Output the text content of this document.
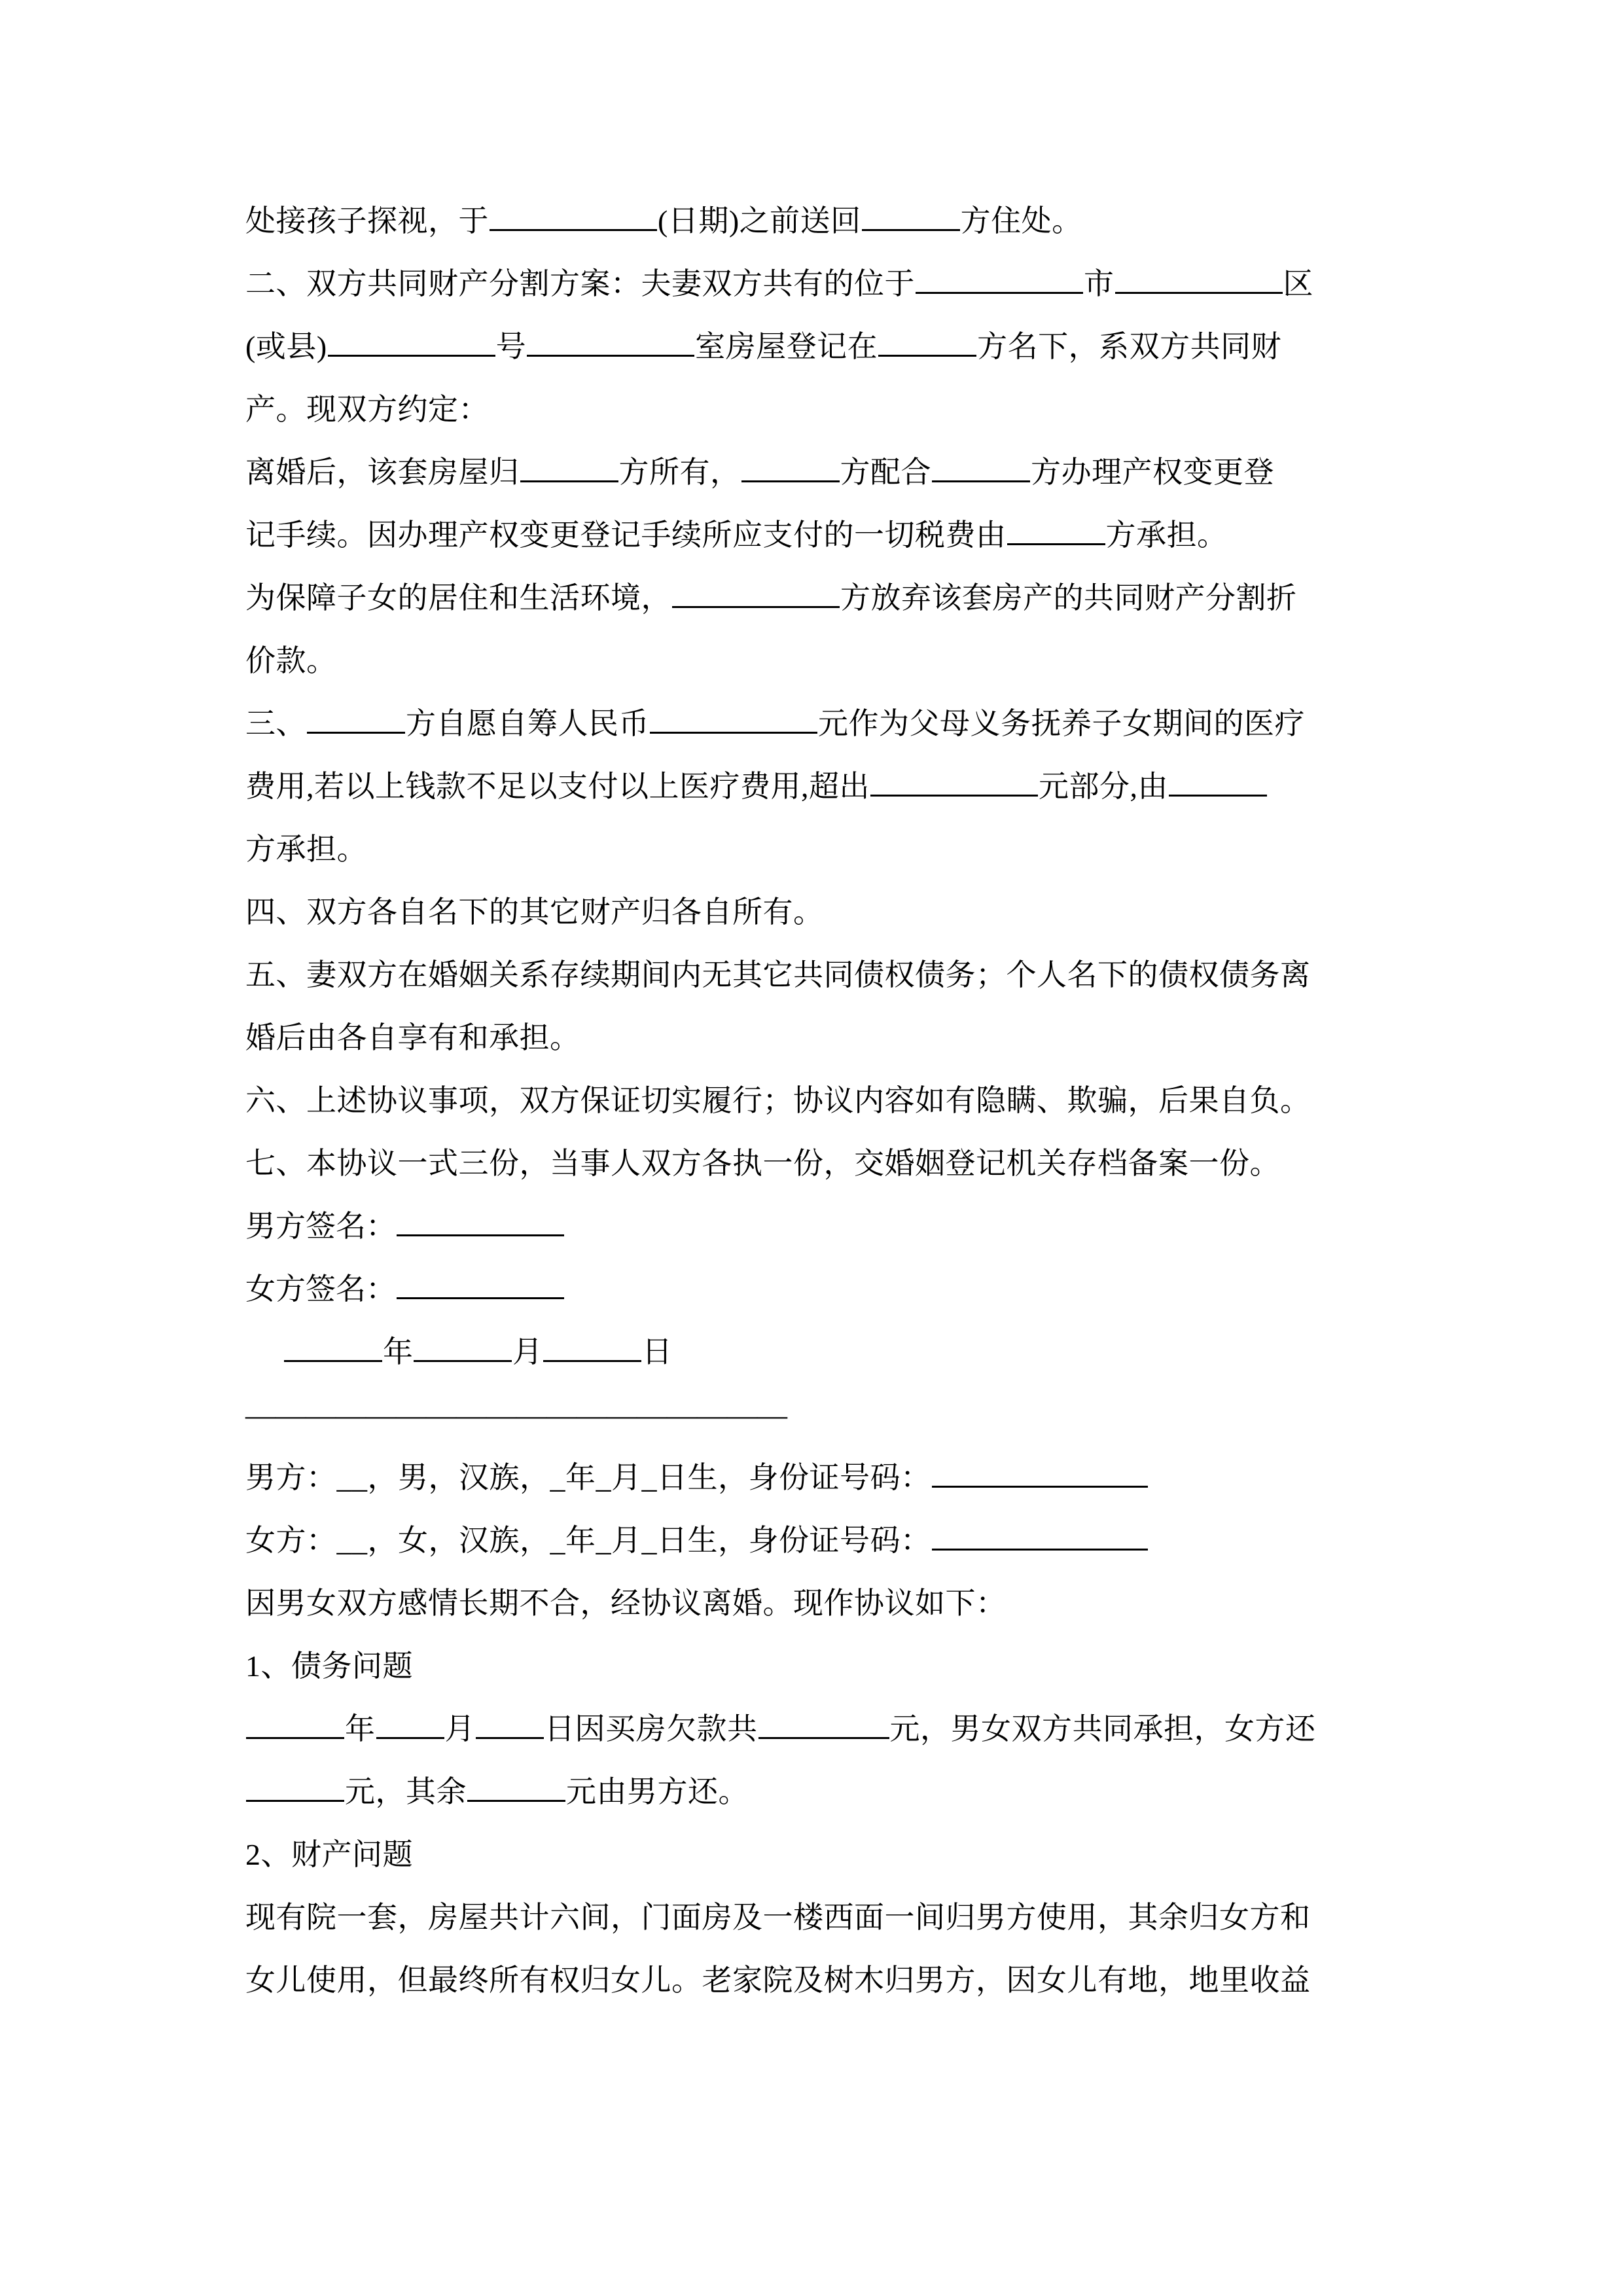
处接孩子探视，于	(日期)之前送回	方住处。

二、双方共同财产分割方案：夫妻双方共有的位于	市	区

(或县)	号	室房屋登记在	方名下，系双方共同财

产。现双方约定：

离婚后，该套房屋归	方所有，	方配合	方办理产权变更登

记手续。因办理产权变更登记手续所应支付的一切税费由	方承担。

为保障子女的居住和生活环境，	方放弃该套房产的共同财产分割折

价款。

三、	方自愿自筹人民币	元作为父母义务抚养子女期间的医疗

费用,若以上钱款不足以支付以上医疗费用,超出	元部分,由

方承担。

四、双方各自名下的其它财产归各自所有。

五、妻双方在婚姻关系存续期间内无其它共同债权债务；个人名下的债权债务离

婚后由各自享有和承担。

六、上述协议事项，双方保证切实履行；协议内容如有隐瞒、欺骗，后果自负。

七、本协议一式三份，当事人双方各执一份，交婚姻登记机关存档备案一份。

男方签名：

女方签名：

年	月	日

——————————————————

男方：__，男，汉族，_年_月_日生，身份证号码：

女方：__，女，汉族，_年_月_日生，身份证号码：

因男女双方感情长期不合，经协议离婚。现作协议如下：

1、债务问题

年 月 日因买房欠款共	元，男女双方共同承担，女方还

元，其余	元由男方还。

2、财产问题

现有院一套，房屋共计六间，门面房及一楼西面一间归男方使用，其余归女方和

女儿使用，但最终所有权归女儿。老家院及树木归男方，因女儿有地，地里收益
